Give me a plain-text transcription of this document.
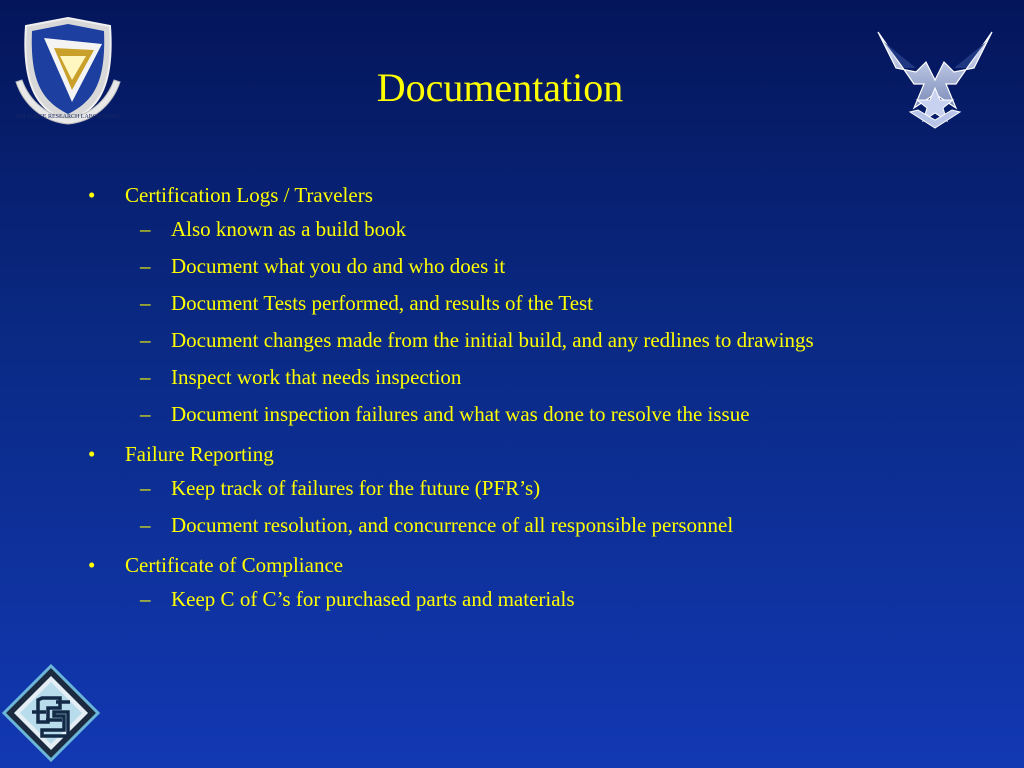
AIR FORCE RESEARCH LABORATORY
Documentation
• Certification Logs / Travelers
– Also known as a build book
– Document what you do and who does it
– Document Tests performed, and results of the Test
– Document changes made from the initial build, and any redlines to drawings
– Inspect work that needs inspection
– Document inspection failures and what was done to resolve the issue
• Failure Reporting
– Keep track of failures for the future (PFR’s)
– Document resolution, and concurrence of all responsible personnel
• Certificate of Compliance
– Keep C of C’s for purchased parts and materials
